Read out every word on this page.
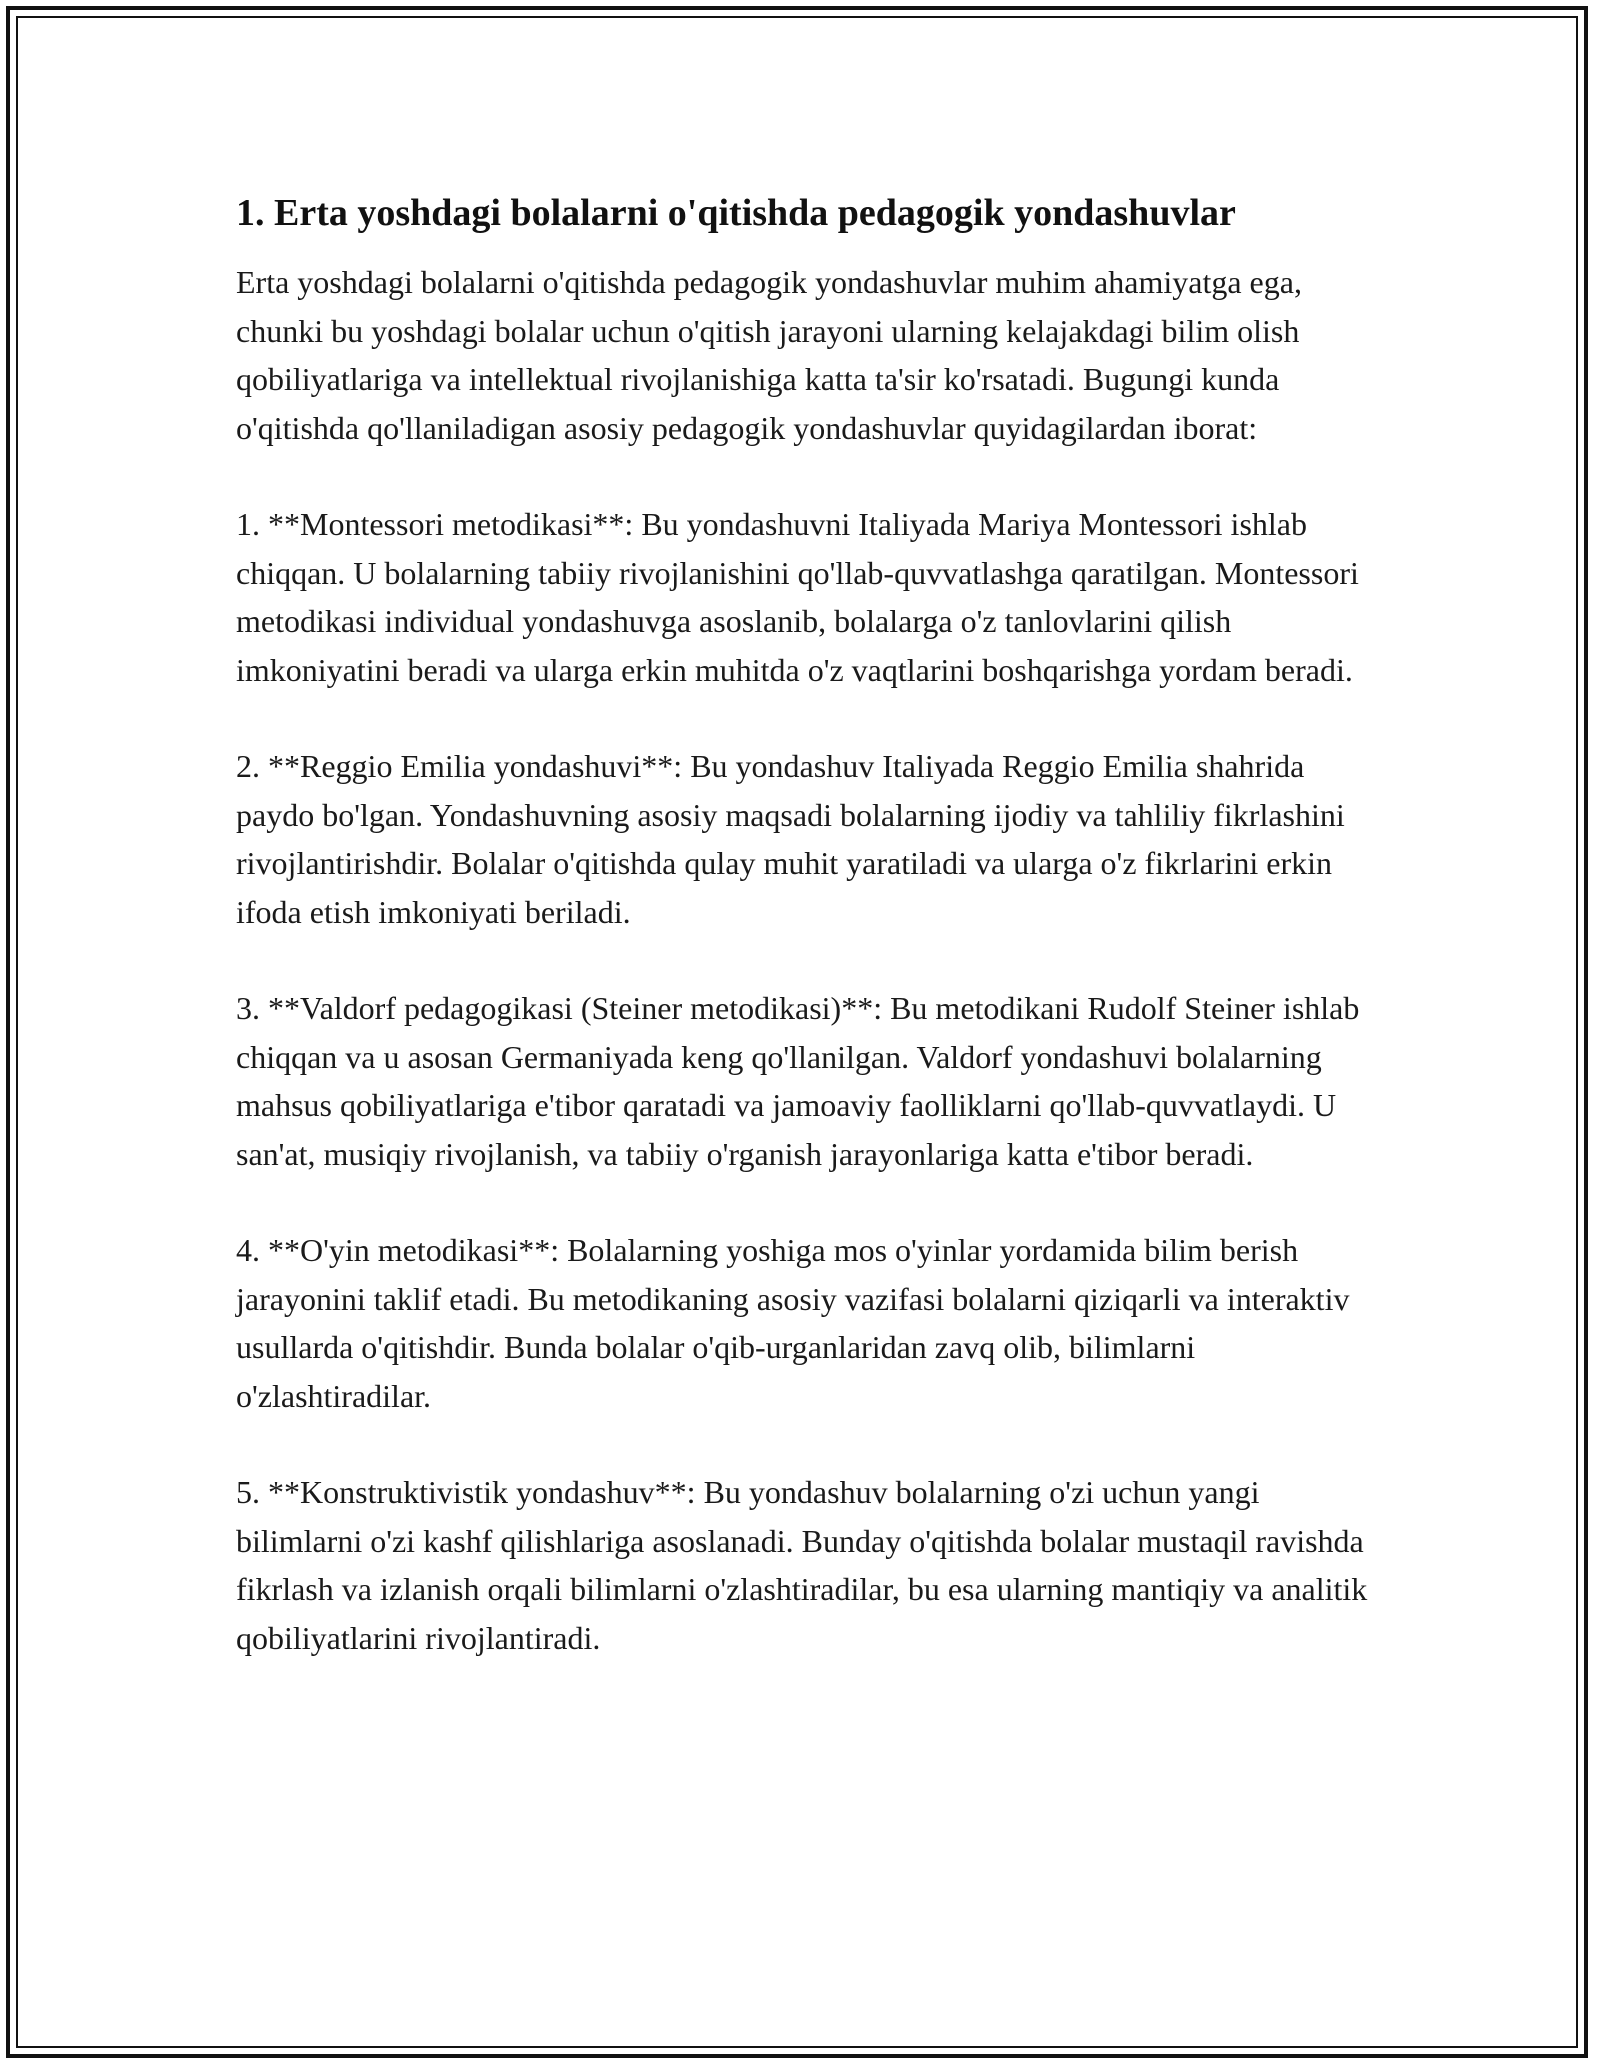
1. Erta yoshdagi bolalarni o'qitishda pedagogik yondashuvlar

Erta yoshdagi bolalarni o'qitishda pedagogik yondashuvlar muhim ahamiyatga ega, chunki bu yoshdagi bolalar uchun o'qitish jarayoni ularning kelajakdagi bilim olish qobiliyatlariga va intellektual rivojlanishiga katta ta'sir ko'rsatadi. Bugungi kunda o'qitishda qo'llaniladigan asosiy pedagogik yondashuvlar quyidagilardan iborat:

1. **Montessori metodikasi**: Bu yondashuvni Italiyada Mariya Montessori ishlab chiqqan. U bolalarning tabiiy rivojlanishini qo'llab-quvvatlashga qaratilgan. Montessori metodikasi individual yondashuvga asoslanib, bolalarga o'z tanlovlarini qilish imkoniyatini beradi va ularga erkin muhitda o'z vaqtlarini boshqarishga yordam beradi.

2. **Reggio Emilia yondashuvi**: Bu yondashuv Italiyada Reggio Emilia shahrida paydo bo'lgan. Yondashuvning asosiy maqsadi bolalarning ijodiy va tahliliy fikrlashini rivojlantirishdir. Bolalar o'qitishda qulay muhit yaratiladi va ularga o'z fikrlarini erkin ifoda etish imkoniyati beriladi.

3. **Valdorf pedagogikasi (Steiner metodikasi)**: Bu metodikani Rudolf Steiner ishlab chiqqan va u asosan Germaniyada keng qo'llanilgan. Valdorf yondashuvi bolalarning mahsus qobiliyatlariga e'tibor qaratadi va jamoaviy faolliklarni qo'llab-quvvatlaydi. U san'at, musiqiy rivojlanish, va tabiiy o'rganish jarayonlariga katta e'tibor beradi.

4. **O'yin metodikasi**: Bolalarning yoshiga mos o'yinlar yordamida bilim berish jarayonini taklif etadi. Bu metodikaning asosiy vazifasi bolalarni qiziqarli va interaktiv usullarda o'qitishdir. Bunda bolalar o'qib-urganlaridan zavq olib, bilimlarni o'zlashtiradilar.

5. **Konstruktivistik yondashuv**: Bu yondashuv bolalarning o'zi uchun yangi bilimlarni o'zi kashf qilishlariga asoslanadi. Bunday o'qitishda bolalar mustaqil ravishda fikrlash va izlanish orqali bilimlarni o'zlashtiradilar, bu esa ularning mantiqiy va analitik qobiliyatlarini rivojlantiradi.
